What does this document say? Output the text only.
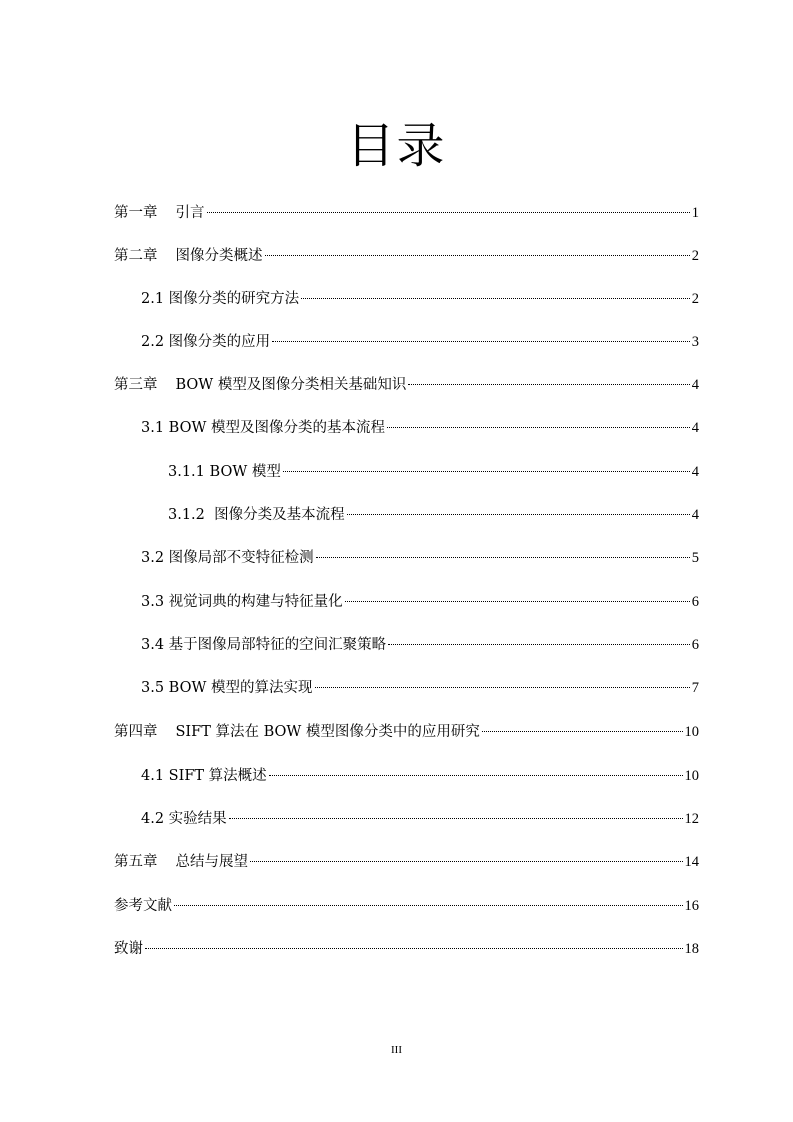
目录
第一章 引言	1
第二章 图像分类概述	2
2.1 图像分类的研究方法	2
2.2 图像分类的应用	3
第三章 BOW 模型及图像分类相关基础知识	4
3.1 BOW 模型及图像分类的基本流程	4
3.1.1 BOW 模型	4
3.1.2 图像分类及基本流程	4
3.2 图像局部不变特征检测	5
3.3 视觉词典的构建与特征量化	6
3.4 基于图像局部特征的空间汇聚策略	6
3.5 BOW 模型的算法实现	7
第四章 SIFT 算法在 BOW 模型图像分类中的应用研究	10
4.1 SIFT 算法概述	10
4.2 实验结果	12
第五章 总结与展望	14
参考文献	16
致谢	18
III
